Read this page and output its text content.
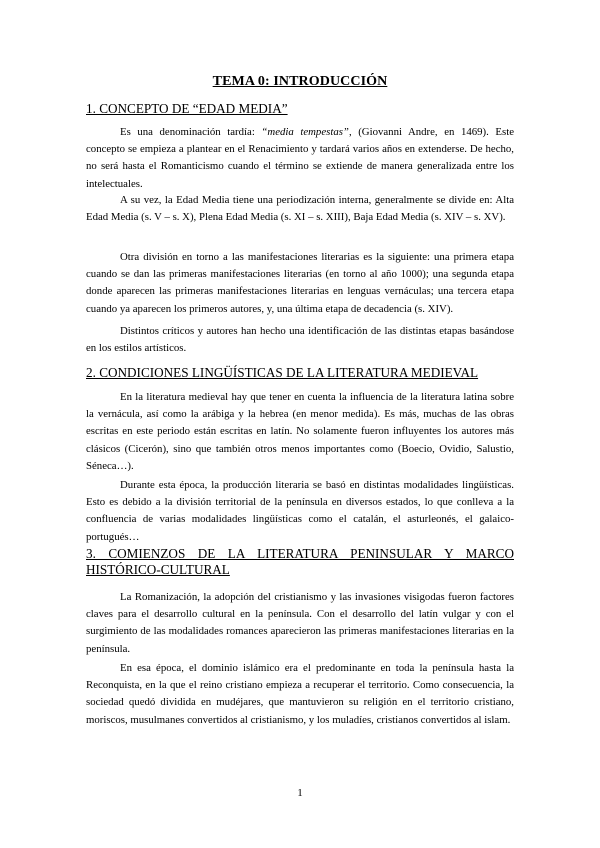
TEMA 0: INTRODUCCIÓN
1. CONCEPTO DE “EDAD MEDIA”

Es una denominación tardía: “media tempestas”, (Giovanni Andre, en 1469). Este concepto se empieza a plantear en el Renacimiento y tardará varios años en extenderse. De hecho, no será hasta el Romanticismo cuando el término se extiende de manera generalizada entre los intelectuales.

A su vez, la Edad Media tiene una periodización interna, generalmente se divide en: Alta Edad Media (s. V – s. X), Plena Edad Media (s. XI – s. XIII), Baja Edad Media (s. XIV – s. XV).

Otra división en torno a las manifestaciones literarias es la siguiente: una primera etapa cuando se dan las primeras manifestaciones literarias (en torno al año 1000); una segunda etapa donde aparecen las primeras manifestaciones literarias en lenguas vernáculas; una tercera etapa cuando ya aparecen los primeros autores, y, una última etapa de decadencia (s. XIV).

Distintos críticos y autores han hecho una identificación de las distintas etapas basándose en los estilos artísticos.

2. CONDICIONES LINGÜÍSTICAS DE LA LITERATURA MEDIEVAL

En la literatura medieval hay que tener en cuenta la influencia de la literatura latina sobre la vernácula, así como la arábiga y la hebrea (en menor medida). Es más, muchas de las obras escritas en este periodo están escritas en latín. No solamente fueron influyentes los autores más clásicos (Cicerón), sino que también otros menos importantes como (Boecio, Ovidio, Salustio, Séneca…).

Durante esta época, la producción literaria se basó en distintas modalidades lingüísticas. Esto es debido a la división territorial de la península en diversos estados, lo que conlleva a la confluencia de varias modalidades lingüísticas como el catalán, el asturleonés, el galaico-portugués…

3. COMIENZOS DE LA LITERATURA PENINSULAR Y MARCO HISTÓRICO-CULTURAL

La Romanización, la adopción del cristianismo y las invasiones visigodas fueron factores claves para el desarrollo cultural en la península. Con el desarrollo del latín vulgar y con el surgimiento de las modalidades romances aparecieron las primeras manifestaciones literarias en la península.

En esa época, el dominio islámico era el predominante en toda la península hasta la Reconquista, en la que el reino cristiano empieza a recuperar el territorio. Como consecuencia, la sociedad quedó dividida en mudéjares, que mantuvieron su religión en el territorio cristiano, moriscos, musulmanes convertidos al cristianismo, y los muladíes, cristianos convertidos al islam.

1
